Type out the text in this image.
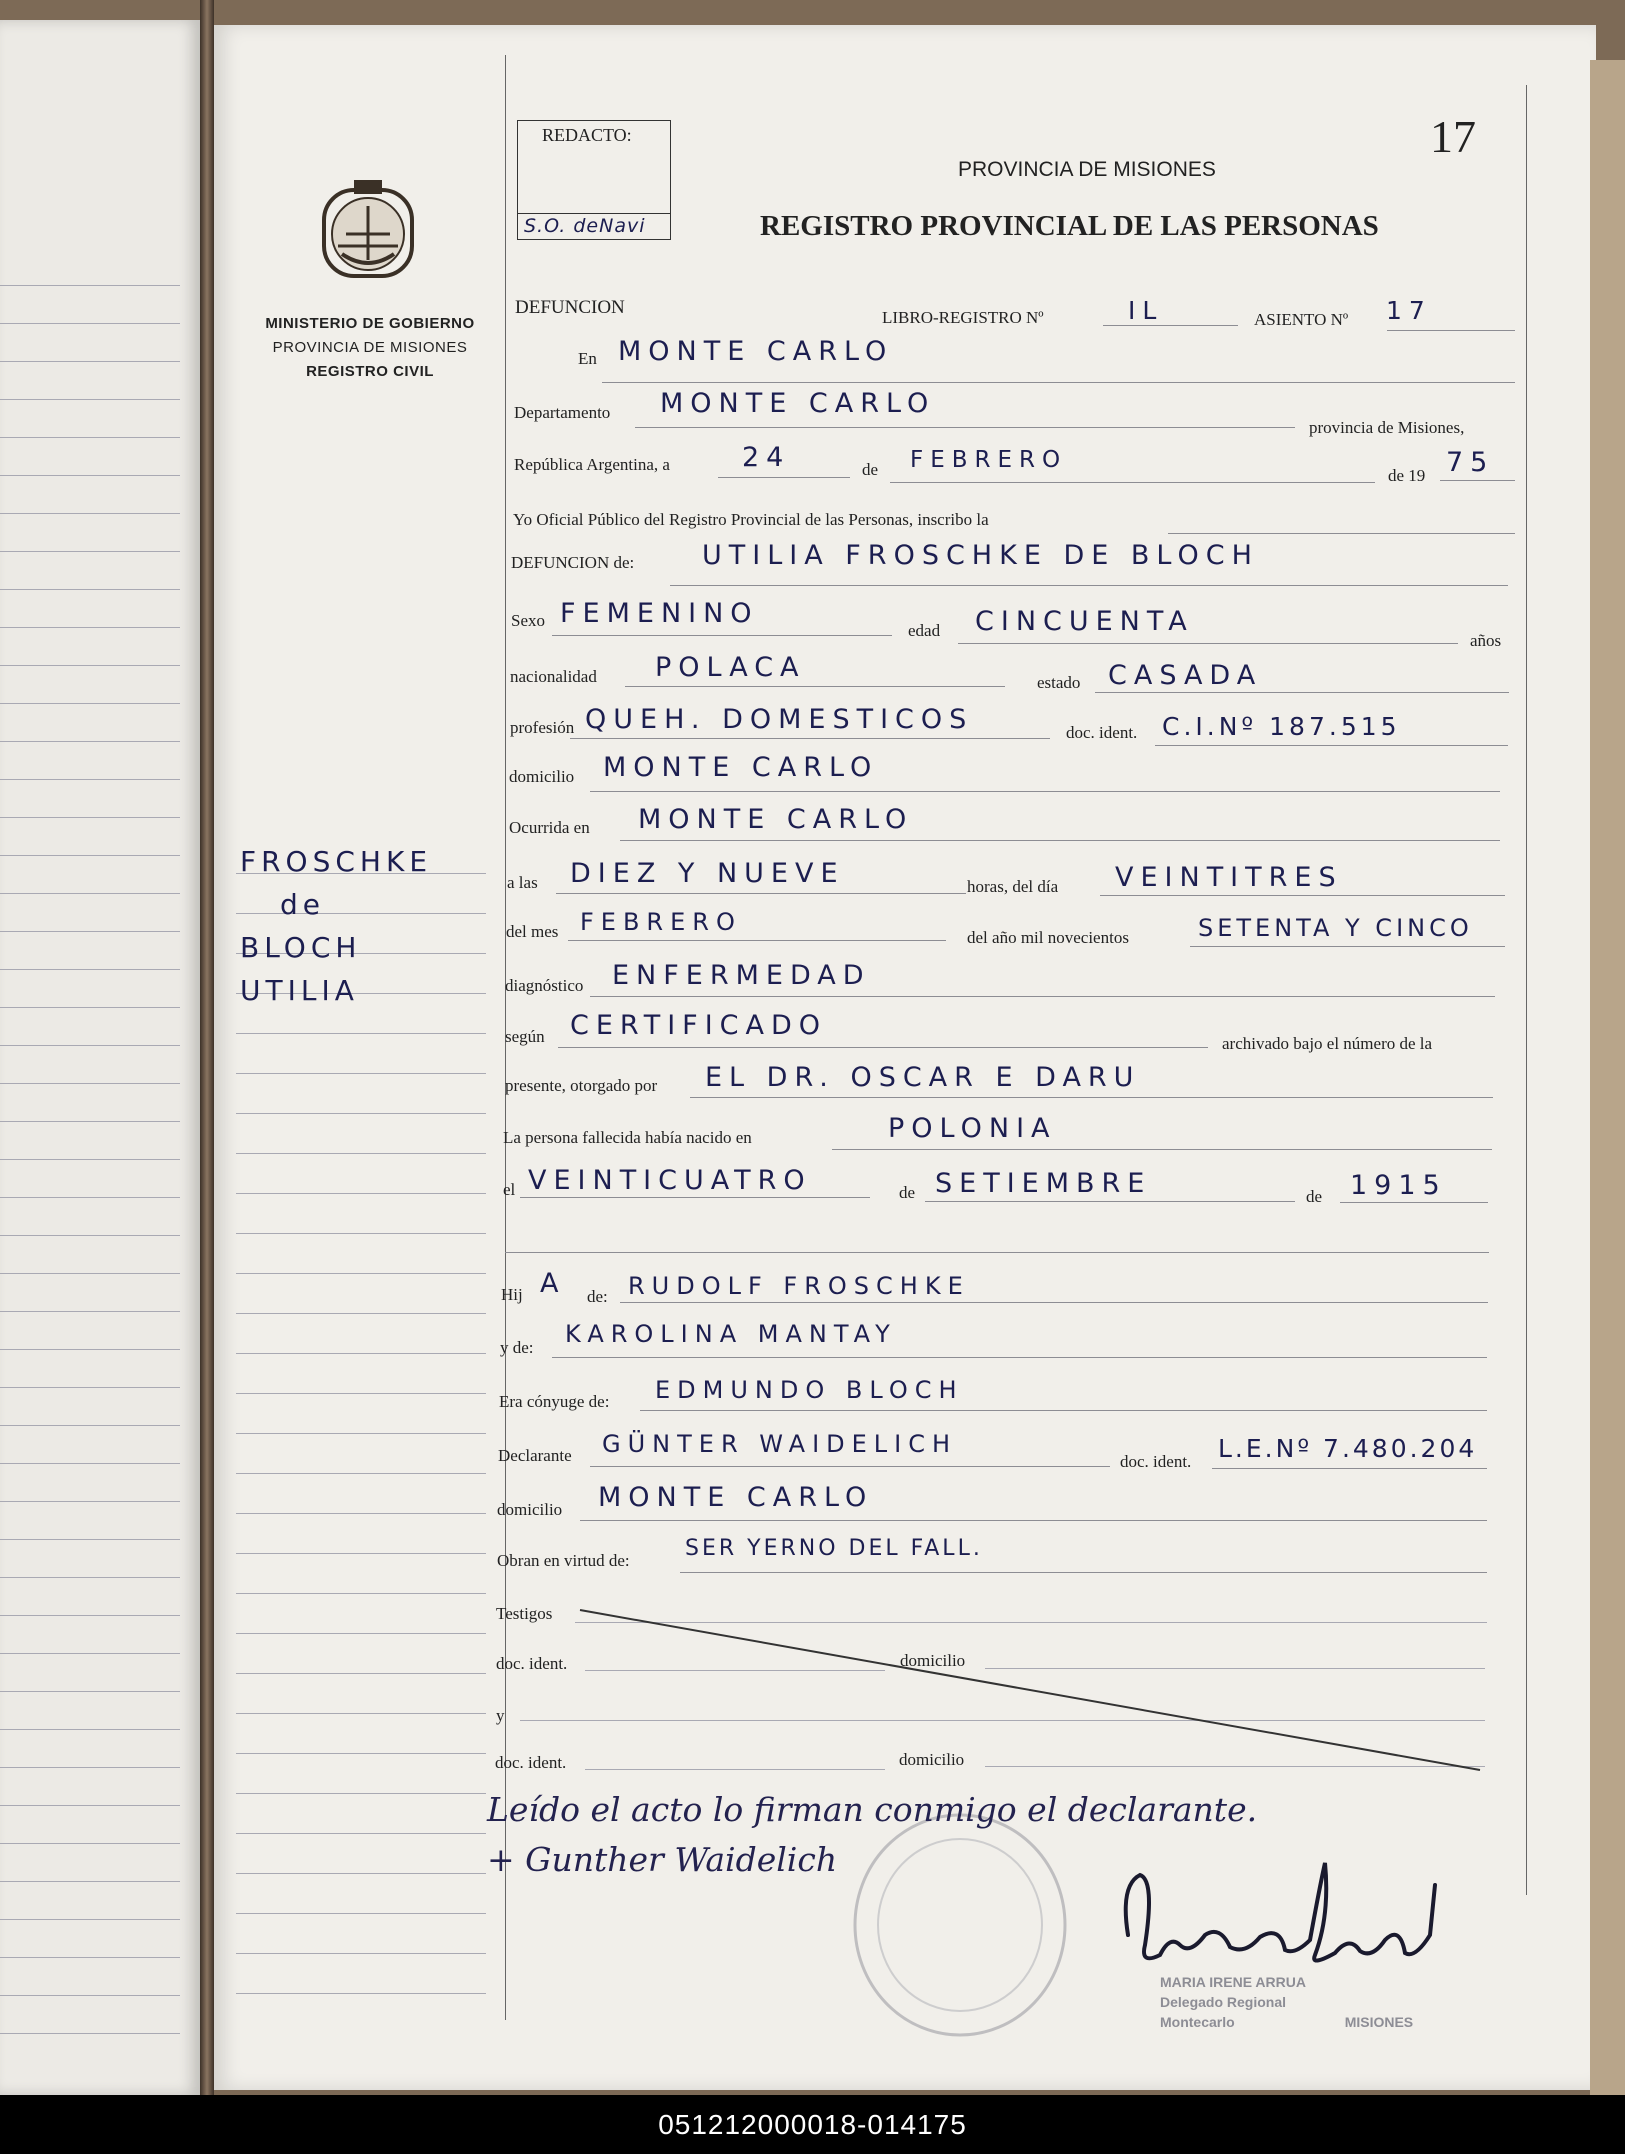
17
REDACTO:
S.O. deNavi
MINISTERIO DE GOBIERNO
PROVINCIA DE MISIONES
REGISTRO CIVIL
FROSCHKE
de
BLOCH
UTILIA
PROVINCIA DE MISIONES
REGISTRO PROVINCIAL DE LAS PERSONAS
DEFUNCION	LIBRO-REGISTRO Nº	IL	ASIENTO Nº 17
En MONTE CARLO
Departamento MONTE CARLO
provincia de Misiones,
República Argentina, a	24	de FEBRERO
de 19 75
Yo Oficial Público del Registro Provincial de las Personas, inscribo la
DEFUNCION de:	UTILIA FROSCHKE DE BLOCH
Sexo FEMENINO
edad CINCUENTA
años
nacionalidad POLACA	estado CASADA
profesión QUEH. DOMESTICOS	doc. ident. C.I.Nº 187.515
domicilio MONTE CARLO
Ocurrida en MONTE CARLO
a las DIEZ Y NUEVE	horas, del día VEINTITRES
del mes FEBRERO
del año mil novecientos	SETENTA Y CINCO
diagnóstico ENFERMEDAD
según CERTIFICADO
archivado bajo el número de la
presente, otorgado por EL DR. OSCAR E DARU
La persona fallecida había nacido en	POLONIA
el VEINTICUATRO	de SETIEMBRE	de 1915
Hij A de: RUDOLF FROSCHKE
y de: KAROLINA MANTAY
Era cónyuge de: EDMUNDO BLOCH
Declarante GÜNTER WAIDELICH
doc. ident. L.E.Nº 7.480.204
domicilio MONTE CARLO
Obran en virtud de:	SER YERNO DEL FALL.
Testigos
doc. ident.	domicilio
y
doc. ident.	domicilio
Leído el acto lo firman conmigo el declarante.
+ Gunther Waidelich
MARIA IRENE ARRUA
Delegado Regional
Montecarlo	MISIONES
051212000018-014175
